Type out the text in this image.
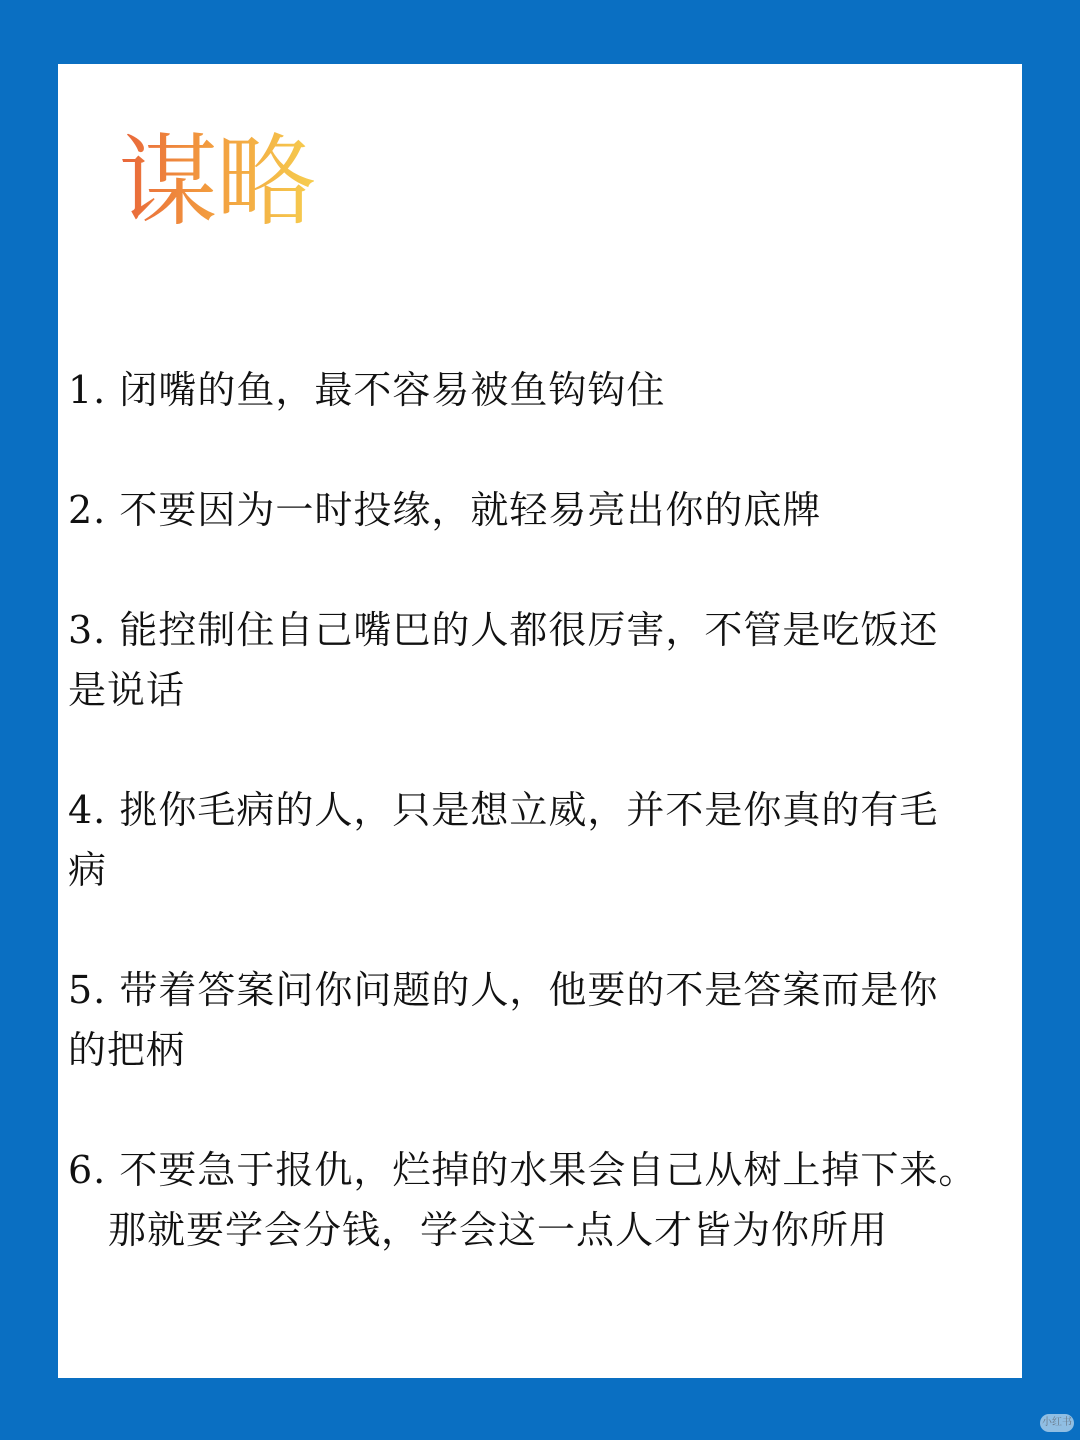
谋略
1. 闭嘴的鱼，最不容易被鱼钩钩住
2. 不要因为一时投缘，就轻易亮出你的底牌
3. 能控制住自己嘴巴的人都很厉害，不管是吃饭还
是说话
4. 挑你毛病的人，只是想立威，并不是你真的有毛
病
5. 带着答案问你问题的人，他要的不是答案而是你
的把柄
6. 不要急于报仇，烂掉的水果会自己从树上掉下来。
那就要学会分钱，学会这一点人才皆为你所用
小红书
